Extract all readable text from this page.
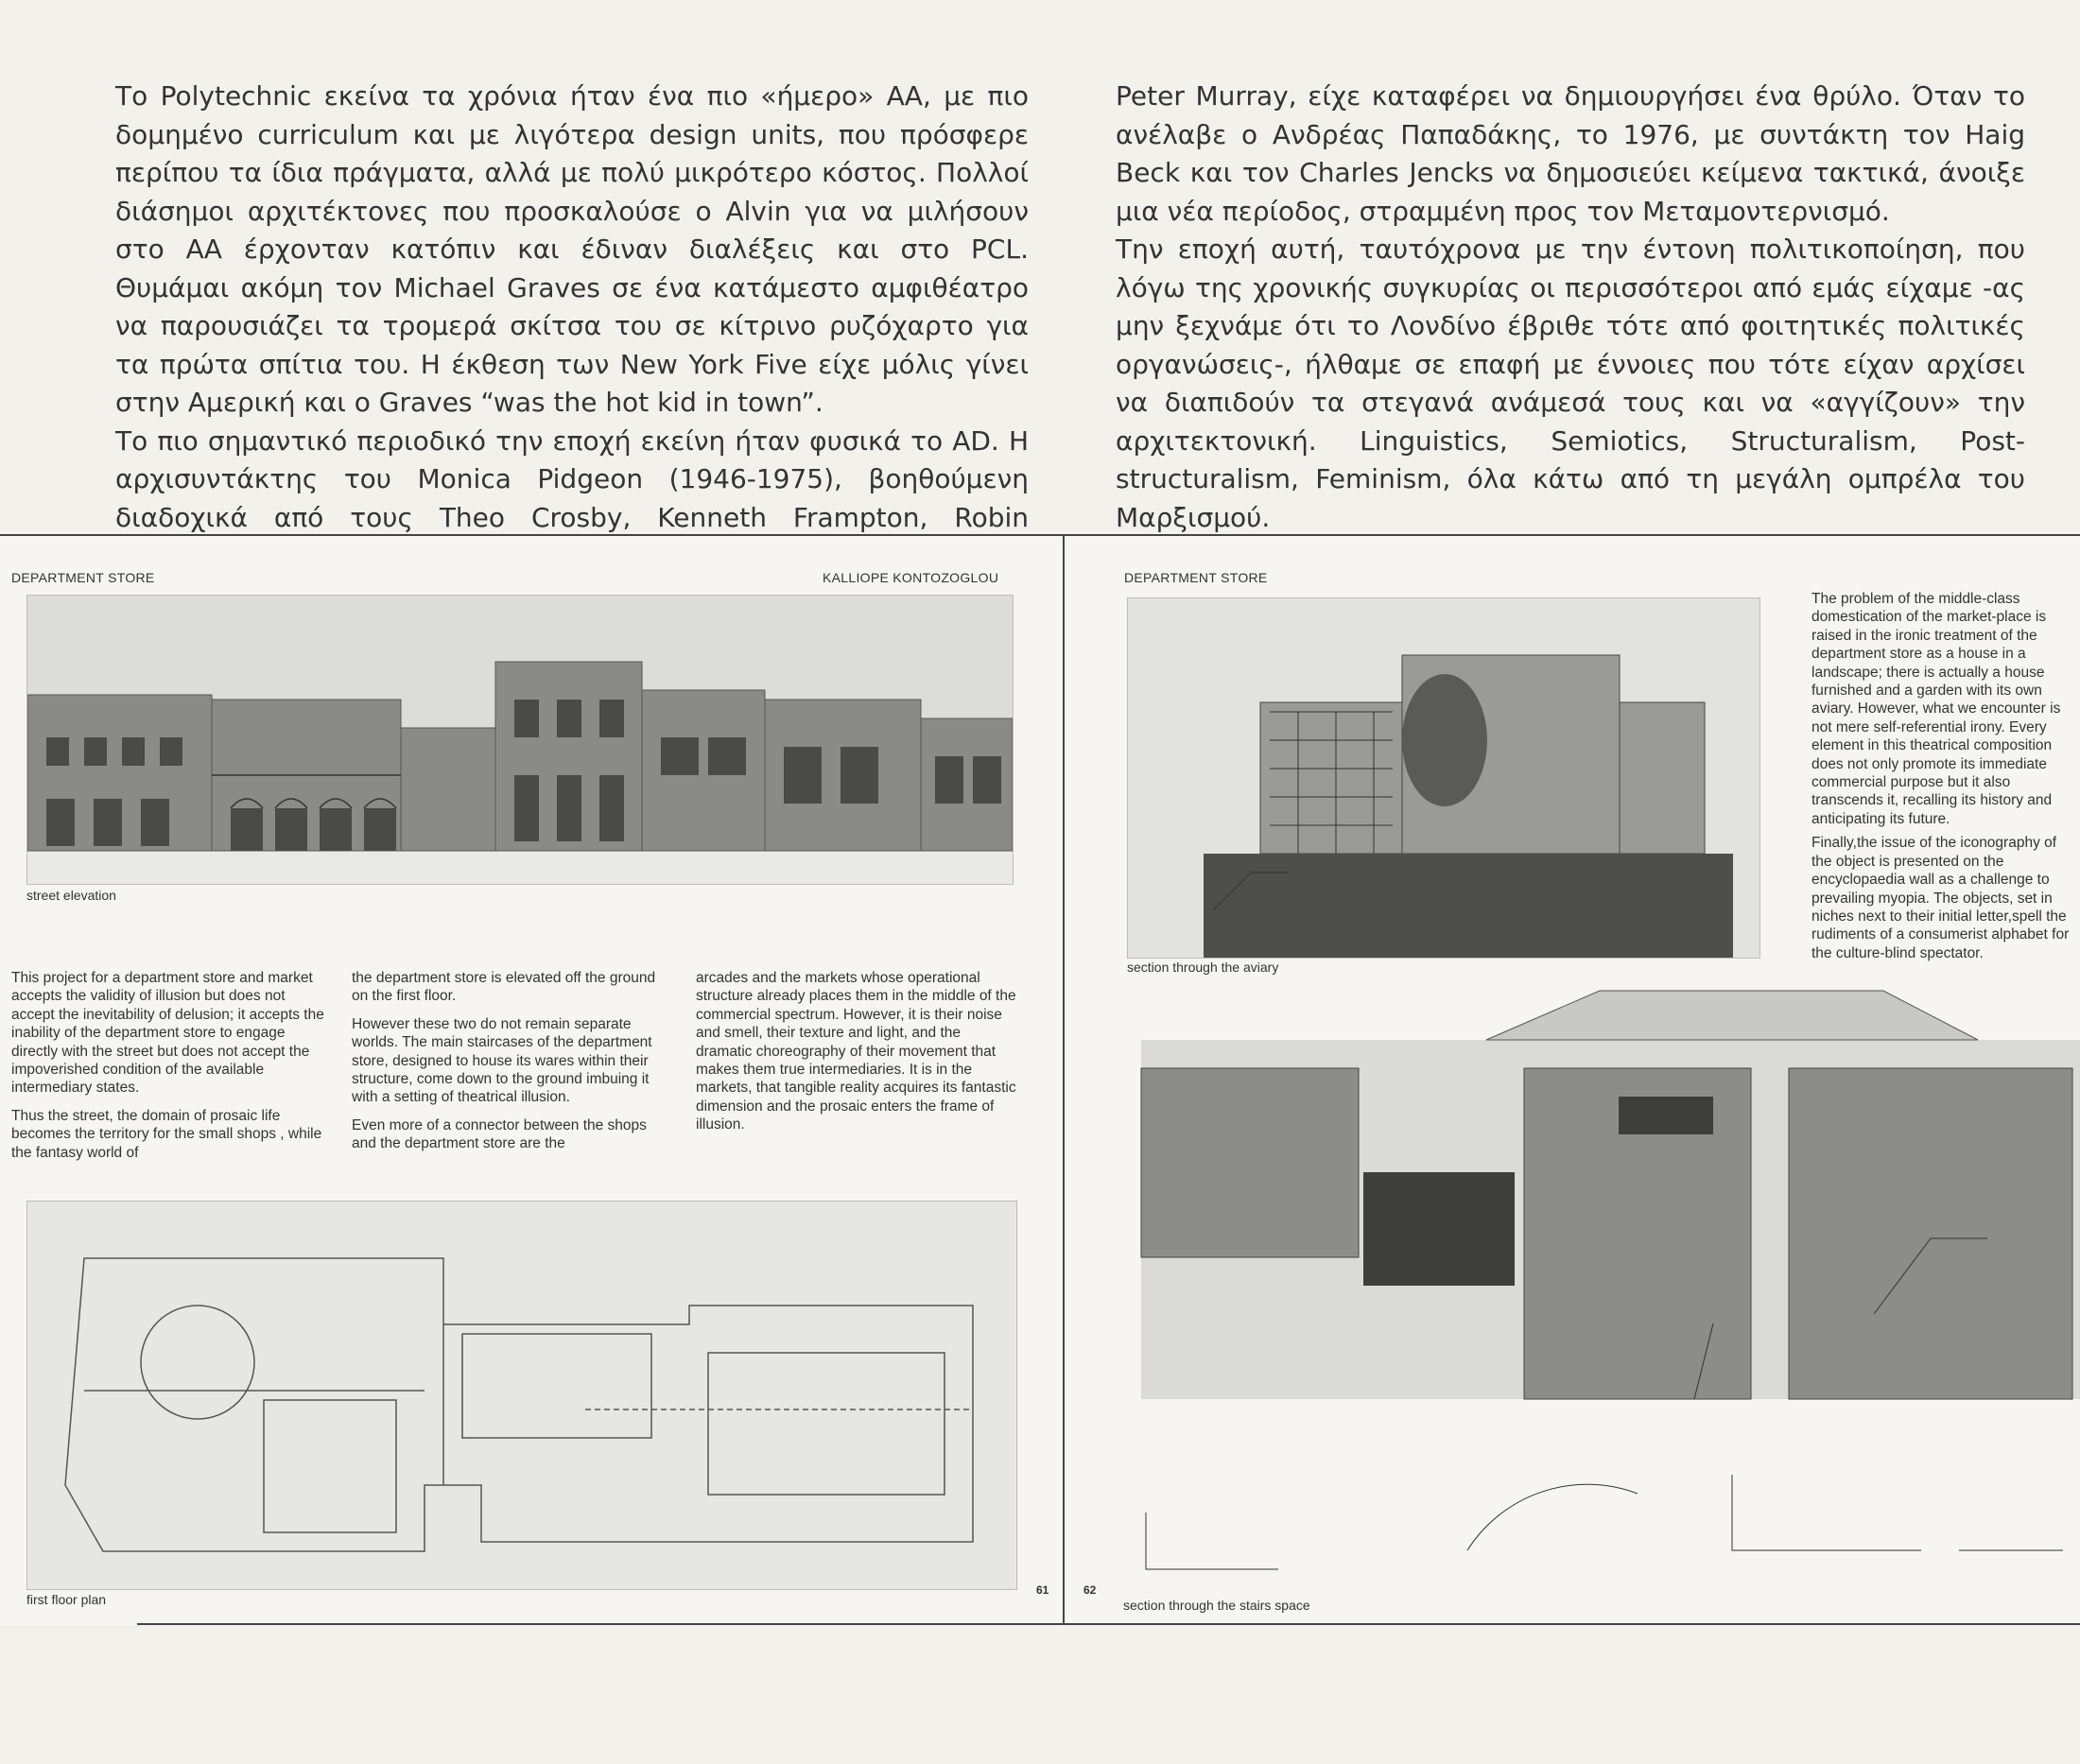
Το Polytechnic εκείνα τα χρόνια ήταν ένα πιο «ήμερο» ΑΑ, με πιο δομημένο curriculum και με λιγότερα design units, που πρόσφερε περίπου τα ίδια πράγματα, αλλά με πολύ μικρότερο κόστος. Πολλοί διάσημοι αρχιτέκτονες που προσκαλούσε ο Alvin για να μιλήσουν στο ΑΑ έρχονταν κατόπιν και έδιναν διαλέξεις και στο PCL. Θυμάμαι ακόμη τον Michael Graves σε ένα κατάμεστο αμφιθέατρο να παρουσιάζει τα τρομερά σκίτσα του σε κίτρινο ρυζόχαρτο για τα πρώτα σπίτια του. Η έκθεση των New York Five είχε μόλις γίνει στην Αμερική και ο Graves “was the hot kid in town”.

Το πιο σημαντικό περιοδικό την εποχή εκείνη ήταν φυσικά το AD. Η αρχισυντάκτης του Monica Pidgeon (1946-1975), βοηθούμενη διαδοχικά από τους Theo Crosby, Kenneth Frampton, Robin

Peter Murray, είχε καταφέρει να δημιουργήσει ένα θρύλο. Όταν το ανέλαβε ο Ανδρέας Παπαδάκης, το 1976, με συντάκτη τον Haig Beck και τον Charles Jencks να δημοσιεύει κείμενα τακτικά, άνοιξε μια νέα περίοδος, στραμμένη προς τον Μεταμοντερνισμό.

Την εποχή αυτή, ταυτόχρονα με την έντονη πολιτικοποίηση, που λόγω της χρονικής συγκυρίας οι περισσότεροι από εμάς είχαμε -ας μην ξεχνάμε ότι το Λονδίνο έβριθε τότε από φοιτητικές πολιτικές οργανώσεις-, ήλθαμε σε επαφή με έννοιες που τότε είχαν αρχίσει να διαπιδούν τα στεγανά ανάμεσά τους και να «αγγίζουν» την αρχιτεκτονική. Linguistics, Semiotics, Structuralism, Post-structuralism, Feminism, όλα κάτω από τη μεγάλη ομπρέλα του Μαρξισμού.

DEPARTMENT STORE	KALLIOPE KONTOZOGLOU
street elevation

This project for a department store and market accepts the validity of illusion but does not accept the inevitability of delusion; it accepts the inability of the department store to engage directly with the street but does not accept the impoverished condition of the available intermediary states.

Thus the street, the domain of prosaic life becomes the territory for the small shops , while the fantasy world of

the department store is elevated off the ground on the first floor.

However these two do not remain separate worlds. The main staircases of the department store, designed to house its wares within their structure, come down to the ground imbuing it with a setting of theatrical illusion.

Even more of a connector between the shops and the department store are the

arcades and the markets whose operational structure already places them in the middle of the commercial spectrum. However, it is their noise and smell, their texture and light, and the dramatic choreography of their movement that makes them true intermediaries. It is in the markets, that tangible reality acquires its fantastic dimension and the prosaic enters the frame of illusion.

first floor plan
61	62
DEPARTMENT STORE
section through the aviary

The problem of the middle-class domestication of the market-place is raised in the ironic treatment of the department store as a house in a landscape; there is actually a house furnished and a garden with its own aviary. However, what we encounter is not mere self-referential irony. Every element in this theatrical composition does not only promote its immediate commercial purpose but it also transcends it, recalling its history and anticipating its future.

Finally,the issue of the iconography of the object is presented on the encyclopaedia wall as a challenge to prevailing myopia. The objects, set in niches next to their initial letter,spell the rudiments of a consumerist alphabet for the culture-blind spectator.

section through the stairs space
